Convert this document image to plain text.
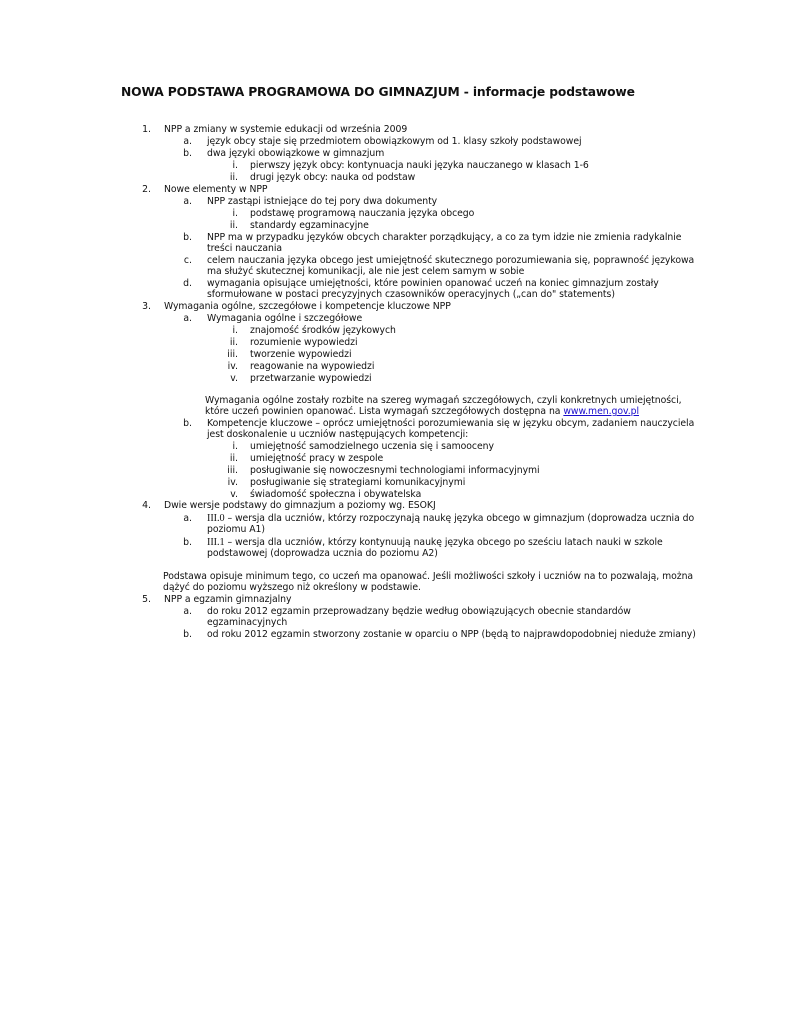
NOWA PODSTAWA PROGRAMOWA DO GIMNAZJUM - informacje podstawowe
1. NPP a zmiany w systemie edukacji od września 2009
a. język obcy staje się przedmiotem obowiązkowym od 1. klasy szkoły podstawowej
b. dwa języki obowiązkowe w gimnazjum
i. pierwszy język obcy: kontynuacja nauki języka nauczanego w klasach 1-6
ii. drugi język obcy: nauka od podstaw
2. Nowe elementy w NPP
a. NPP zastąpi istniejące do tej pory dwa dokumenty
i. podstawę programową nauczania języka obcego
ii. standardy egzaminacyjne
b. NPP ma w przypadku języków obcych charakter porządkujący, a co za tym idzie nie zmienia radykalnie
treści nauczania
c. celem nauczania języka obcego jest umiejętność skutecznego porozumiewania się, poprawność językowa
ma służyć skutecznej komunikacji, ale nie jest celem samym w sobie
d. wymagania opisujące umiejętności, które powinien opanować uczeń na koniec gimnazjum zostały
sformułowane w postaci precyzyjnych czasowników operacyjnych („can do" statements)
3. Wymagania ogólne, szczegółowe i kompetencje kluczowe NPP
a. Wymagania ogólne i szczegółowe
i. znajomość środków językowych
ii. rozumienie wypowiedzi
iii. tworzenie wypowiedzi
iv. reagowanie na wypowiedzi
v. przetwarzanie wypowiedzi
Wymagania ogólne zostały rozbite na szereg wymagań szczegółowych, czyli konkretnych umiejętności,
które uczeń powinien opanować. Lista wymagań szczegółowych dostępna na www.men.gov.pl
b. Kompetencje kluczowe – oprócz umiejętności porozumiewania się w języku obcym, zadaniem nauczyciela
jest doskonalenie u uczniów następujących kompetencji:
i. umiejętność samodzielnego uczenia się i samooceny
ii. umiejętność pracy w zespole
iii. posługiwanie się nowoczesnymi technologiami informacyjnymi
iv. posługiwanie się strategiami komunikacyjnymi
v. świadomość społeczna i obywatelska
4. Dwie wersje podstawy do gimnazjum a poziomy wg. ESOKJ
a. III.0 – wersja dla uczniów, którzy rozpoczynają naukę języka obcego w gimnazjum (doprowadza ucznia do
poziomu A1)
b. III.1 – wersja dla uczniów, którzy kontynuują naukę języka obcego po sześciu latach nauki w szkole
podstawowej (doprowadza ucznia do poziomu A2)
Podstawa opisuje minimum tego, co uczeń ma opanować. Jeśli możliwości szkoły i uczniów na to pozwalają, można
dążyć do poziomu wyższego niż określony w podstawie.
5. NPP a egzamin gimnazjalny
a. do roku 2012 egzamin przeprowadzany będzie według obowiązujących obecnie standardów
egzaminacyjnych
b. od roku 2012 egzamin stworzony zostanie w oparciu o NPP (będą to najprawdopodobniej nieduże zmiany)
